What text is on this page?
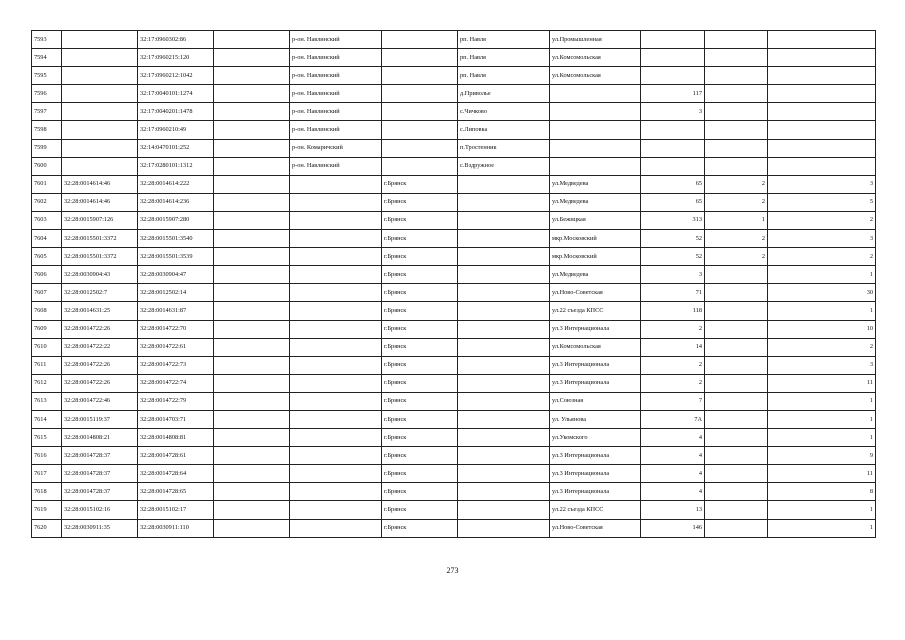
7593		32:17:0960302:86		р-он. Навлинский		рп. Навля	ул.Промышленная			
7594		32:17:0960215:120		р-он. Навлинский		рп. Навля	ул.Комсомольская			
7595		32:17:0960212:1042		р-он. Навлинский		рп. Навля	ул.Комсомольская			
7596		32:17:0040101:1274		р-он. Навлинский		д.Приволье		117		
7597		32:17:0040201:1478		р-он. Навлинский		с.Чичково		3		
7598		32:17:0960210:49		р-он. Навлинский		с.Липовка				
7599		32:14:0470101:252		р-он. Комаричский		п.Тростенник				
7600		32:17:0280101:1312		р-он. Навлинский		с.Вздружное				
7601	32:28:0014614:46	32:28:0014614:222			г.Брянск		ул.Медведева	65	2	3
7602	32:28:0014614:46	32:28:0014614:236			г.Брянск		ул.Медведева	65	2	5
7603	32:28:0015907:126	32:28:0015907:280			г.Брянск		ул.Бежицкая	313	1	2
7604	32:28:0015501:3372	32:28:0015501:3540			г.Брянск		мкр.Московский	52	2	3
7605	32:28:0015501:3372	32:28:0015501:3539			г.Брянск		мкр.Московский	52	2	2
7606	32:28:0030904:43	32:28:0030904:47			г.Брянск		ул.Медведева	3		1
7607	32:28:0012502:7	32:28:0012502:14			г.Брянск		ул.Ново-Советская	71		30
7608	32:28:0014631:25	32:28:0014631:87			г.Брянск		ул.22 съезда КПСС	118		1
7609	32:28:0014722:26	32:28:0014722:70			г.Брянск		ул.3 Интернационала	2		10
7610	32:28:0014722:22	32:28:0014722:61			г.Брянск		ул.Комсомольская	14		2
7611	32:28:0014722:26	32:28:0014722:73			г.Брянск		ул.3 Интернационала	2		3
7612	32:28:0014722:26	32:28:0014722:74			г.Брянск		ул.3 Интернационала	2		11
7613	32:28:0014722:46	32:28:0014722:79			г.Брянск		ул.Союзная	7		1
7614	32:28:0015119:37	32:28:0014703:71			г.Брянск		ул. Ульянова	7А		1
7615	32:28:0014808:21	32:28:0014808:81			г.Брянск		ул.Укомского	4		1
7616	32:28:0014728:37	32:28:0014728:61			г.Брянск		ул.3 Интернационала	4		9
7617	32:28:0014728:37	32:28:0014728:64			г.Брянск		ул.3 Интернационала	4		11
7618	32:28:0014728:37	32:28:0014728:65			г.Брянск		ул.3 Интернационала	4		8
7619	32:28:0015102:16	32:28:0015102:17			г.Брянск		ул.22 съезда КПСС	13		1
7620	32:28:0030911:35	32:28:0030911:110			г.Брянск		ул.Ново-Советская	146		1
273
